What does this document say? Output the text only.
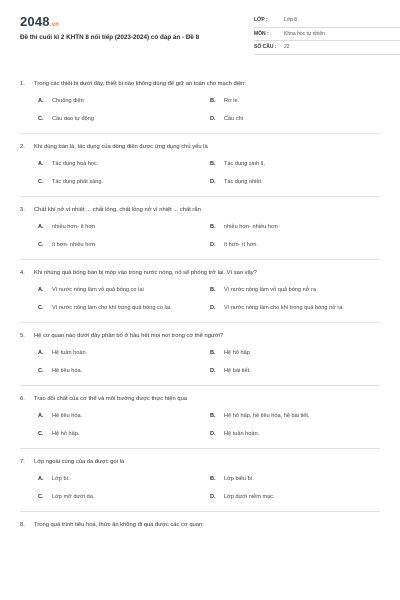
2048.vn
Đề thi cuối kì 2 KHTN 8 nối tiếp (2023-2024) có đáp án - Đề 8
LỚP :	Lớp 8
MÔN :	Khoa học tự nhiên
SỐ CÂU :	22
1.	Trong các thiết bị dưới đây, thiết bị nào không dùng để giữ an toàn cho mạch điện:
A.	Chuông điện	B.	Rơ le.
C.	Cầu dao tự động	D.	Cầu chì
2.	Khi dùng bàn là, tác dụng của dòng điện được ứng dụng chủ yếu là
A.	Tác dụng hoá học.	B.	Tác dụng sinh lí.
C.	Tác dụng phát sáng.	D.	Tác dụng nhiệt.
3.	Chất khí nở vì nhiệt ... chất lỏng, chất lỏng nở vì nhiệt ... chất rắn
A.	nhiều hơn- ít hơn	B.	nhiều hơn- nhiều hơn
C.	ít hơn- nhiều hơn	D.	ít hơn- ít hơn
4.	Khi nhúng quả bóng bàn bị móp vào trong nước nóng, nó sẽ phồng trở lại. Vì sao vậy?
A.	Vì nước nóng làm vỏ quả bóng co lại	B.	Vì nước nóng làm vỏ quả bóng nở ra
C.	Vì nước nóng làm cho khí trong quả bóng co lại.	D.	Vì nước nóng làm cho khí trong quả bóng nở ra.
5.	Hệ cơ quan nào dưới đây phân bố ở hầu hết mọi nơi trong cơ thể người?
A.	Hệ tuần hoàn.	B.	Hệ hô hấp
C.	Hệ tiêu hóa.	D.	Hệ bài tiết.
6.	Trao đổi chất của cơ thể và môi trường được thực hiện qua
A.	Hệ tiêu hóa.	B.	Hệ hô hấp, hệ tiêu hóa, hệ bài tiết.
C.	Hệ hô hấp.	D.	Hệ tuần hoàn.
7.	Lớp ngoài cùng của da được gọi là
A.	Lớp bì.	B.	Lớp biểu bì.
C.	Lớp mỡ dưới da.	D.	Lớp dưới niêm mạc.
8.	Trong quá trình tiêu hoá, thức ăn không đi qua được các cơ quan:
